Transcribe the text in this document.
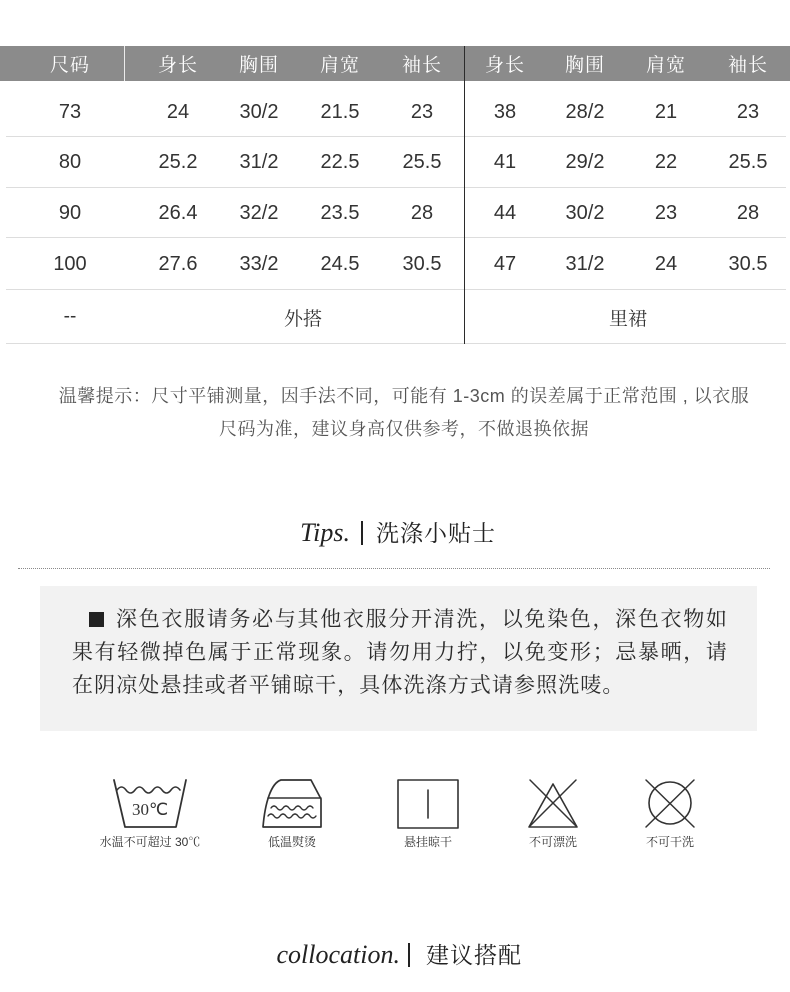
尺码	身长	胸围	肩宽	袖长	身长	胸围	肩宽	袖长
73	24	30/2	21.5	23	38	28/2	21	23
80	25.2	31/2	22.5	25.5	41	29/2	22	25.5
90	26.4	32/2	23.5	28	44	30/2	23	28
100	27.6	33/2	24.5	30.5	47	31/2	24	30.5
--	外搭	里裙
温馨提示：尺寸平铺测量，因手法不同，可能有 1-3cm 的误差属于正常范围 , 以衣服
尺码为准，建议身高仅供参考，不做退换依据
Tips. 洗涤小贴士
深色衣服请务必与其他衣服分开清洗，以免染色，深色衣物如
果有轻微掉色属于正常现象。请勿用力拧，以免变形；忌暴晒，请
在阴凉处悬挂或者平铺晾干，具体洗涤方式请参照洗唛。
30℃
水温不可超过 30℃	低温熨烫	悬挂晾干	不可漂洗	不可干洗
collocation. 建议搭配
